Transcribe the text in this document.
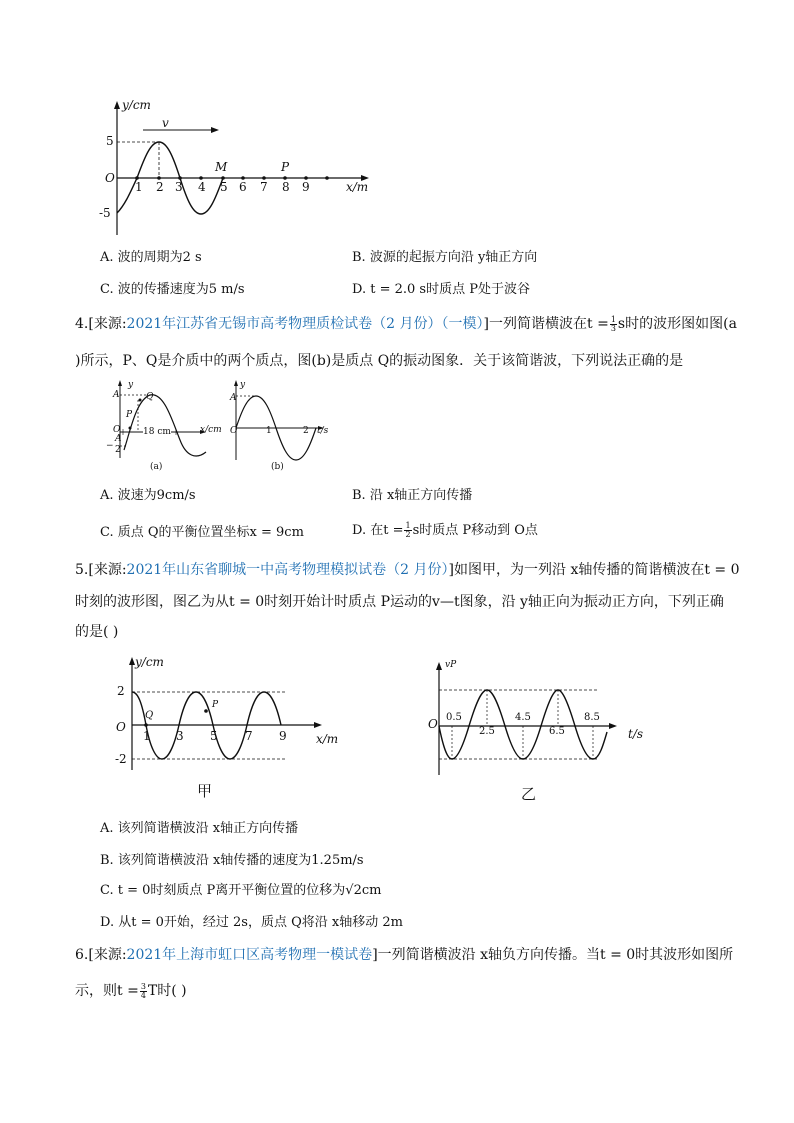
y/cm
x/m
v
5
O
-5
1 2 3 4 5 6 7 8 9
M	P
A. 波的周期为2 s	B. 波源的起振方向沿 y轴正方向
C. 波的传播速度为5 m/s	D. t = 2.0 s时质点 P处于波谷
4.[来源:2021年江苏省无锡市高考物理质检试卷（2 月份）（一模）]一列简谐横波在$t = \frac{1}{3}$ s时的波形图如图(a
)所示，P、Q是介质中的两个质点，图(b)是质点 Q的振动图象．关于该简谐波，下列说法正确的是
y
A	Q
P
O
−
A
2
18 cm	x/cm
(a)
y
A
O	1	2 t/s
(b)
A. 波速为9cm/s	B. 沿 x轴正方向传播
C. 质点 Q的平衡位置坐标x = 9cm	D. 在$t = \frac{1}{2}$ s时质点 P移动到 O点
5.[来源:2021年山东省聊城一中高考物理模拟试卷（2 月份）]如图甲，为一列沿 x轴传播的简谐横波在t = 0
时刻的波形图，图乙为从t = 0时刻开始计时质点 P运动的v—t图象，沿 y轴正向为振动正方向，下列正确
的是( )
y/cm
x/m
2
O
-2
1 3 5 7 9
Q
P
甲
vP
t/s
O 0.5	4.5	8.5
2.5	6.5
乙
A. 该列简谐横波沿 x轴正方向传播
B. 该列简谐横波沿 x轴传播的速度为1.25m/s
C. t = 0时刻质点 P离开平衡位置的位移为√2cm
D. 从t = 0开始，经过 2s，质点 Q将沿 x轴移动 2m
6.[来源:2021年上海市虹口区高考物理一模试卷]一列简谐横波沿 x轴负方向传播。当t = 0时其波形如图所
示，则$t = \frac{3}{4}$ T时( )
